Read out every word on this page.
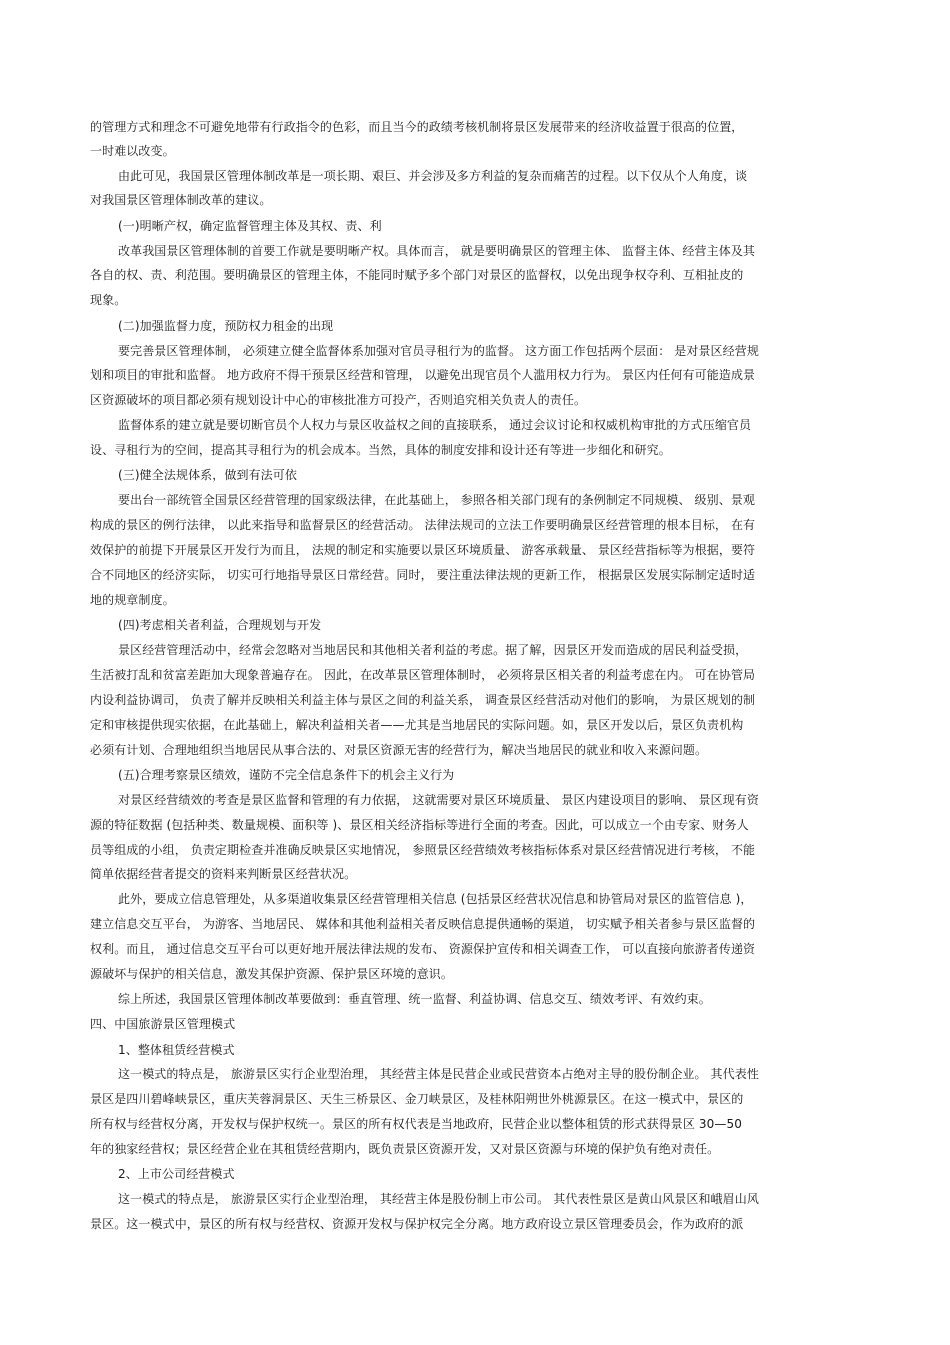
的管理方式和理念不可避免地带有行政指令的色彩，而且当今的政绩考核机制将景区发展带来的经济收益置于很高的位置，
一时难以改变。
由此可见，我国景区管理体制改革是一项长期、艰巨、并会涉及多方利益的复杂而痛苦的过程。以下仅从个人角度，谈
对我国景区管理体制改革的建议。
(一)明晰产权，确定监督管理主体及其权、责、利
改革我国景区管理体制的首要工作就是要明晰产权。具体而言， 就是要明确景区的管理主体、 监督主体、经营主体及其
各自的权、责、利范围。要明确景区的管理主体，不能同时赋予多个部门对景区的监督权，以免出现争权夺利、互相扯皮的
现象。
(二)加强监督力度，预防权力租金的出现
要完善景区管理体制， 必须建立健全监督体系加强对官员寻租行为的监督。 这方面工作包括两个层面： 是对景区经营规
划和项目的审批和监督。 地方政府不得干预景区经营和管理， 以避免出现官员个人滥用权力行为。 景区内任何有可能造成景
区资源破坏的项目都必须有规划设计中心的审核批准方可投产，否则追究相关负责人的责任。
监督体系的建立就是要切断官员个人权力与景区收益权之间的直接联系， 通过会议讨论和权威机构审批的方式压缩官员
设、寻租行为的空间，提高其寻租行为的机会成本。当然，具体的制度安排和设计还有等进一步细化和研究。
(三)健全法规体系，做到有法可依
要出台一部统管全国景区经营管理的国家级法律，在此基础上， 参照各相关部门现有的条例制定不同规模、 级别、景观
构成的景区的例行法律， 以此来指导和监督景区的经营活动。 法律法规司的立法工作要明确景区经营管理的根本目标， 在有
效保护的前提下开展景区开发行为而且， 法规的制定和实施要以景区环境质量、 游客承载量、 景区经营指标等为根据，要符
合不同地区的经济实际， 切实可行地指导景区日常经营。同时， 要注重法律法规的更新工作， 根据景区发展实际制定适时适
地的规章制度。
(四)考虑相关者利益，合理规划与开发
景区经营管理活动中，经常会忽略对当地居民和其他相关者利益的考虑。据了解，因景区开发而造成的居民利益受损，
生活被打乱和贫富差距加大现象普遍存在。 因此，在改革景区管理体制时， 必须将景区相关者的利益考虑在内。 可在协管局
内设利益协调司， 负责了解并反映相关利益主体与景区之间的利益关系， 调查景区经营活动对他们的影响， 为景区规划的制
定和审核提供现实依据，在此基础上，解决利益相关者——尤其是当地居民的实际问题。如，景区开发以后，景区负责机构
必须有计划、合理地组织当地居民从事合法的、对景区资源无害的经营行为，解决当地居民的就业和收入来源问题。
(五)合理考察景区绩效，谨防不完全信息条件下的机会主义行为
对景区经营绩效的考查是景区监督和管理的有力依据， 这就需要对景区环境质量、 景区内建设项目的影响、 景区现有资
源的特征数据 (包括种类、数量规模、面积等 )、景区相关经济指标等进行全面的考查。因此，可以成立一个由专家、财务人
员等组成的小组， 负责定期检查并准确反映景区实地情况， 参照景区经营绩效考核指标体系对景区经营情况进行考核， 不能
简单依据经营者提交的资料来判断景区经营状况。
此外，要成立信息管理处，从多渠道收集景区经营管理相关信息 (包括景区经营状况信息和协管局对景区的监管信息 )，
建立信息交互平台， 为游客、当地居民、 媒体和其他利益相关者反映信息提供通畅的渠道， 切实赋予相关者参与景区监督的
权利。而且， 通过信息交互平台可以更好地开展法律法规的发布、 资源保护宣传和相关调查工作， 可以直接向旅游者传递资
源破坏与保护的相关信息，激发其保护资源、保护景区环境的意识。
综上所述，我国景区管理体制改革要做到：垂直管理、统一监督、利益协调、信息交互、绩效考评、有效约束。
四、中国旅游景区管理模式
1、整体租赁经营模式
这一模式的特点是， 旅游景区实行企业型治理， 其经营主体是民营企业或民营资本占绝对主导的股份制企业。 其代表性
景区是四川碧峰峡景区，重庆芙蓉洞景区、天生三桥景区、金刀峡景区，及桂林阳朔世外桃源景区。在这一模式中，景区的
所有权与经营权分离，开发权与保护权统一。景区的所有权代表是当地政府，民营企业以整体租赁的形式获得景区 30—50
年的独家经营权；景区经营企业在其租赁经营期内，既负责景区资源开发，又对景区资源与环境的保护负有绝对责任。
2、上市公司经营模式
这一模式的特点是， 旅游景区实行企业型治理， 其经营主体是股份制上市公司。 其代表性景区是黄山风景区和峨眉山风
景区。这一模式中，景区的所有权与经营权、资源开发权与保护权完全分离。地方政府设立景区管理委员会，作为政府的派
